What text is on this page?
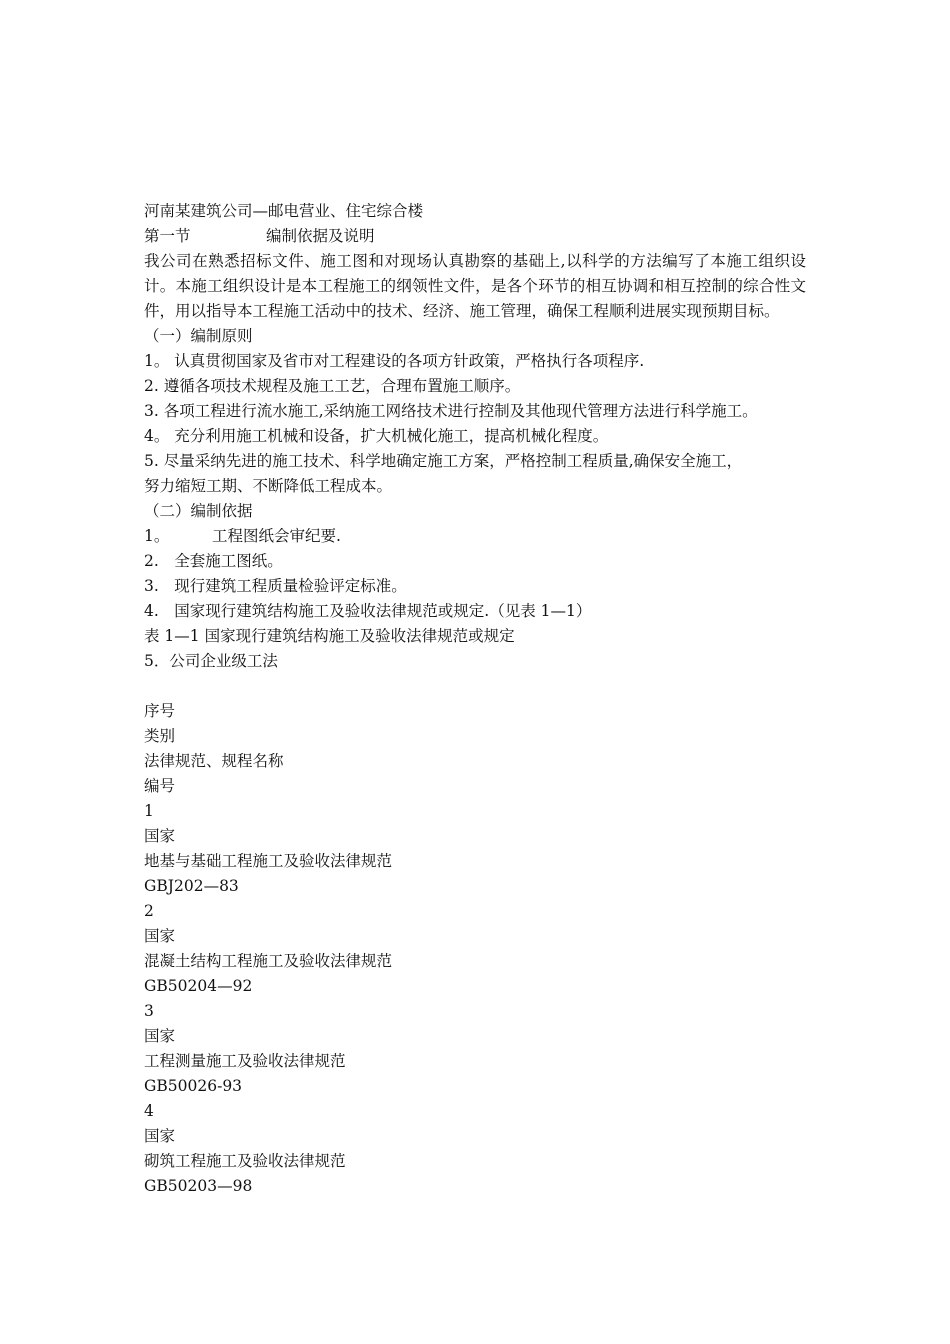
河南某建筑公司—邮电营业、住宅综合楼
第一节	编制依据及说明
我公司在熟悉招标文件、施工图和对现场认真勘察的基础上,以科学的方法编写了本施工组织设计。本施工组织设计是本工程施工的纲领性文件，是各个环节的相互协调和相互控制的综合性文件，用以指导本工程施工活动中的技术、经济、施工管理，确保工程顺利进展实现预期目标。
（一）编制原则
1。 认真贯彻国家及省市对工程建设的各项方针政策，严格执行各项程序.
2. 遵循各项技术规程及施工工艺，合理布置施工顺序。
3. 各项工程进行流水施工,采纳施工网络技术进行控制及其他现代管理方法进行科学施工。
4。 充分利用施工机械和设备，扩大机械化施工，提高机械化程度。
5. 尽量采纳先进的施工技术、科学地确定施工方案，严格控制工程质量,确保安全施工，
努力缩短工期、不断降低工程成本。
（二）编制依据
1。	工程图纸会审纪要.
2.　全套施工图纸。
3.　现行建筑工程质量检验评定标准。
4.　国家现行建筑结构施工及验收法律规范或规定.（见表 1—1）
表 1—1 国家现行建筑结构施工及验收法律规范或规定
5．公司企业级工法
序号
类别
法律规范、规程名称
编号
1
国家
地基与基础工程施工及验收法律规范
GBJ202—83
2
国家
混凝土结构工程施工及验收法律规范
GB50204—92
3
国家
工程测量施工及验收法律规范
GB50026-93
4
国家
砌筑工程施工及验收法律规范
GB50203—98
